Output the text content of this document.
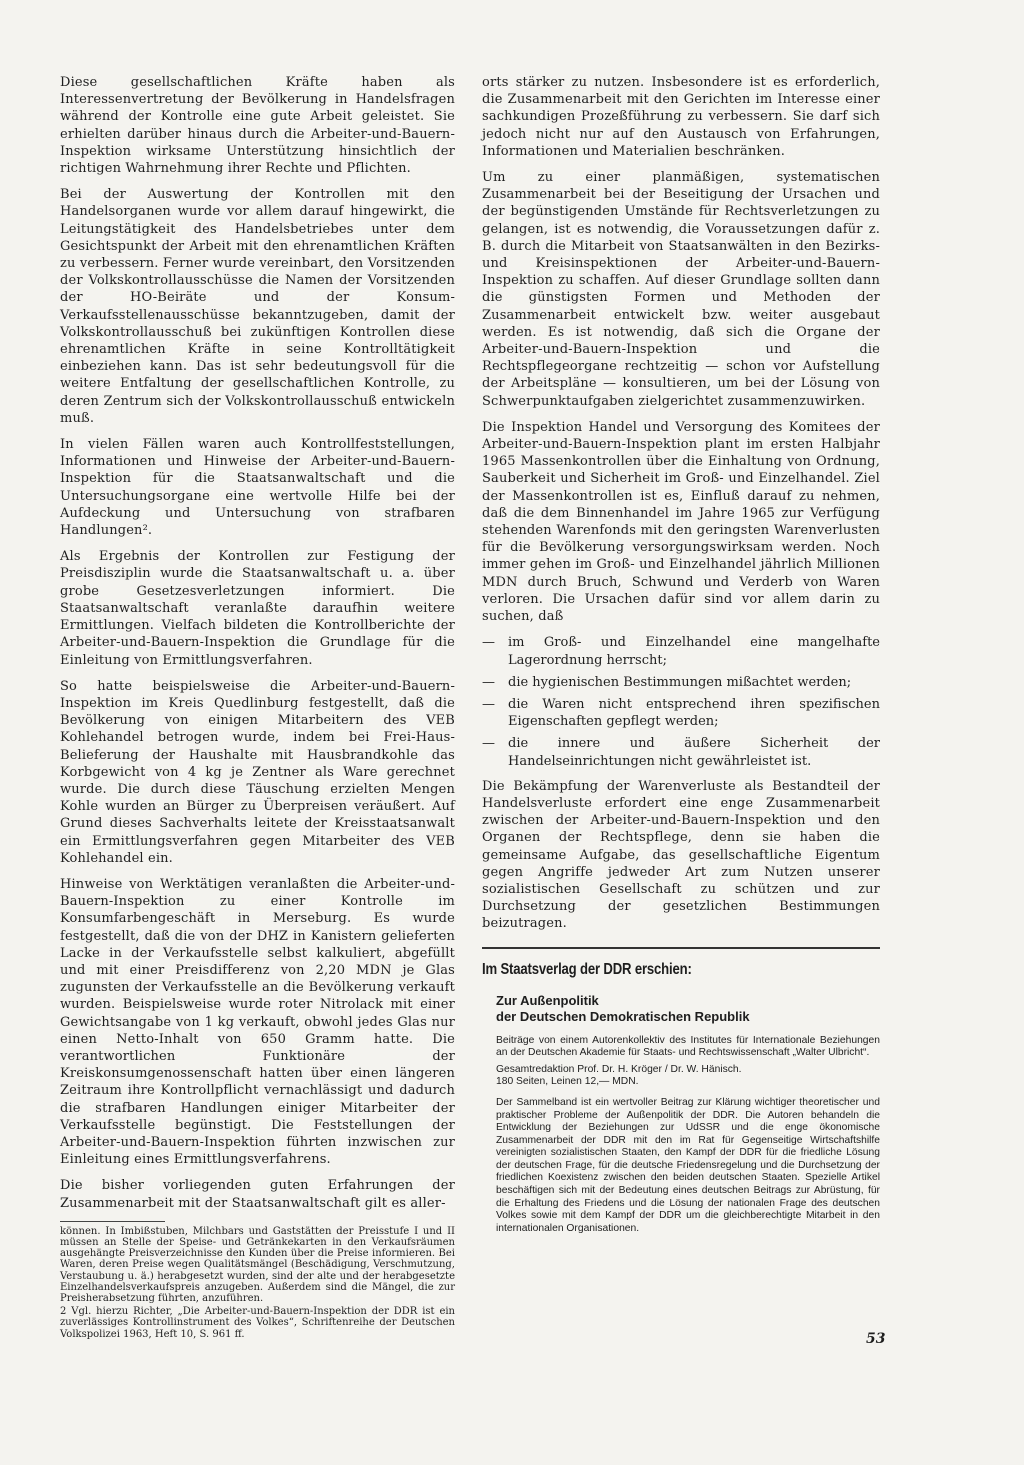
Diese gesellschaftlichen Kräfte haben als Interessenvertretung der Bevölkerung in Handelsfragen während der Kontrolle eine gute Arbeit geleistet. Sie erhielten darüber hinaus durch die Arbeiter-und-Bauern-Inspektion wirksame Unterstützung hinsichtlich der richtigen Wahrnehmung ihrer Rechte und Pflichten.

Bei der Auswertung der Kontrollen mit den Handelsorganen wurde vor allem darauf hingewirkt, die Leitungstätigkeit des Handelsbetriebes unter dem Gesichtspunkt der Arbeit mit den ehrenamtlichen Kräften zu verbessern. Ferner wurde vereinbart, den Vorsitzenden der Volkskontrollausschüsse die Namen der Vorsitzenden der HO-Beiräte und der Konsum-Verkaufsstellenausschüsse bekanntzugeben, damit der Volkskontrollausschuß bei zukünftigen Kontrollen diese ehrenamtlichen Kräfte in seine Kontrolltätigkeit einbeziehen kann. Das ist sehr bedeutungsvoll für die weitere Entfaltung der gesellschaftlichen Kontrolle, zu deren Zentrum sich der Volkskontrollausschuß entwickeln muß.

In vielen Fällen waren auch Kontrollfeststellungen, Informationen und Hinweise der Arbeiter-und-Bauern-Inspektion für die Staatsanwaltschaft und die Untersuchungsorgane eine wertvolle Hilfe bei der Aufdeckung und Untersuchung von strafbaren Handlungen².

Als Ergebnis der Kontrollen zur Festigung der Preisdisziplin wurde die Staatsanwaltschaft u. a. über grobe Gesetzesverletzungen informiert. Die Staatsanwaltschaft veranlaßte daraufhin weitere Ermittlungen. Vielfach bildeten die Kontrollberichte der Arbeiter-und-Bauern-Inspektion die Grundlage für die Einleitung von Ermittlungsverfahren.

So hatte beispielsweise die Arbeiter-und-Bauern-Inspektion im Kreis Quedlinburg festgestellt, daß die Bevölkerung von einigen Mitarbeitern des VEB Kohlehandel betrogen wurde, indem bei Frei-Haus-Belieferung der Haushalte mit Hausbrandkohle das Korbgewicht von 4 kg je Zentner als Ware gerechnet wurde. Die durch diese Täuschung erzielten Mengen Kohle wurden an Bürger zu Überpreisen veräußert. Auf Grund dieses Sachverhalts leitete der Kreisstaatsanwalt ein Ermittlungsverfahren gegen Mitarbeiter des VEB Kohlehandel ein.

Hinweise von Werktätigen veranlaßten die Arbeiter-und-Bauern-Inspektion zu einer Kontrolle im Konsumfarbengeschäft in Merseburg. Es wurde festgestellt, daß die von der DHZ in Kanistern gelieferten Lacke in der Verkaufsstelle selbst kalkuliert, abgefüllt und mit einer Preisdifferenz von 2,20 MDN je Glas zugunsten der Verkaufsstelle an die Bevölkerung verkauft wurden. Beispielsweise wurde roter Nitrolack mit einer Gewichtsangabe von 1 kg verkauft, obwohl jedes Glas nur einen Netto-Inhalt von 650 Gramm hatte. Die verantwortlichen Funktionäre der Kreiskonsumgenossenschaft hatten über einen längeren Zeitraum ihre Kontrollpflicht vernachlässigt und dadurch die strafbaren Handlungen einiger Mitarbeiter der Verkaufsstelle begünstigt. Die Feststellungen der Arbeiter-und-Bauern-Inspektion führten inzwischen zur Einleitung eines Ermittlungsverfahrens.

Die bisher vorliegenden guten Erfahrungen der Zusammenarbeit mit der Staatsanwaltschaft gilt es aller-

können. In Imbißstuben, Milchbars und Gaststätten der Preisstufe I und II müssen an Stelle der Speise- und Getränkekarten in den Verkaufsräumen ausgehängte Preisverzeichnisse den Kunden über die Preise informieren. Bei Waren, deren Preise wegen Qualitätsmängel (Beschädigung, Verschmutzung, Verstaubung u. ä.) herabgesetzt wurden, sind der alte und der herabgesetzte Einzelhandelsverkaufspreis anzugeben. Außerdem sind die Mängel, die zur Preisherabsetzung führten, anzuführen.

2 Vgl. hierzu Richter, „Die Arbeiter-und-Bauern-Inspektion der DDR ist ein zuverlässiges Kontrollinstrument des Volkes“, Schriftenreihe der Deutschen Volkspolizei 1963, Heft 10, S. 961 ff.

orts stärker zu nutzen. Insbesondere ist es erforderlich, die Zusammenarbeit mit den Gerichten im Interesse einer sachkundigen Prozeßführung zu verbessern. Sie darf sich jedoch nicht nur auf den Austausch von Erfahrungen, Informationen und Materialien beschränken.

Um zu einer planmäßigen, systematischen Zusammenarbeit bei der Beseitigung der Ursachen und der begünstigenden Umstände für Rechtsverletzungen zu gelangen, ist es notwendig, die Voraussetzungen dafür z. B. durch die Mitarbeit von Staatsanwälten in den Bezirks- und Kreisinspektionen der Arbeiter-und-Bauern-Inspektion zu schaffen. Auf dieser Grundlage sollten dann die günstigsten Formen und Methoden der Zusammenarbeit entwickelt bzw. weiter ausgebaut werden. Es ist notwendig, daß sich die Organe der Arbeiter-und-Bauern-Inspektion und die Rechtspflegeorgane rechtzeitig — schon vor Aufstellung der Arbeitspläne — konsultieren, um bei der Lösung von Schwerpunktaufgaben zielgerichtet zusammenzuwirken.

Die Inspektion Handel und Versorgung des Komitees der Arbeiter-und-Bauern-Inspektion plant im ersten Halbjahr 1965 Massenkontrollen über die Einhaltung von Ordnung, Sauberkeit und Sicherheit im Groß- und Einzelhandel. Ziel der Massenkontrollen ist es, Einfluß darauf zu nehmen, daß die dem Binnenhandel im Jahre 1965 zur Verfügung stehenden Warenfonds mit den geringsten Warenverlusten für die Bevölkerung versorgungswirksam werden. Noch immer gehen im Groß- und Einzelhandel jährlich Millionen MDN durch Bruch, Schwund und Verderb von Waren verloren. Die Ursachen dafür sind vor allem darin zu suchen, daß

—	im Groß- und Einzelhandel eine mangelhafte Lagerordnung herrscht;
—	die hygienischen Bestimmungen mißachtet werden;
—	die Waren nicht entsprechend ihren spezifischen Eigenschaften gepflegt werden;
—	die innere und äußere Sicherheit der Handelseinrichtungen nicht gewährleistet ist.

Die Bekämpfung der Warenverluste als Bestandteil der Handelsverluste erfordert eine enge Zusammenarbeit zwischen der Arbeiter-und-Bauern-Inspektion und den Organen der Rechtspflege, denn sie haben die gemeinsame Aufgabe, das gesellschaftliche Eigentum gegen Angriffe jedweder Art zum Nutzen unserer sozialistischen Gesellschaft zu schützen und zur Durchsetzung der gesetzlichen Bestimmungen beizutragen.

Im Staatsverlag der DDR erschien:
Zur Außenpolitik
der Deutschen Demokratischen Republik

Beiträge von einem Autorenkollektiv des Institutes für Internationale Beziehungen an der Deutschen Akademie für Staats- und Rechtswissenschaft „Walter Ulbricht“.

Gesamtredaktion Prof. Dr. H. Kröger / Dr. W. Hänisch.

180 Seiten, Leinen 12,— MDN.

Der Sammelband ist ein wertvoller Beitrag zur Klärung wichtiger theoretischer und praktischer Probleme der Außenpolitik der DDR. Die Autoren behandeln die Entwicklung der Beziehungen zur UdSSR und die enge ökonomische Zusammenarbeit der DDR mit den im Rat für Gegenseitige Wirtschaftshilfe vereinigten sozialistischen Staaten, den Kampf der DDR für die friedliche Lösung der deutschen Frage, für die deutsche Friedensregelung und die Durchsetzung der friedlichen Koexistenz zwischen den beiden deutschen Staaten. Spezielle Artikel beschäftigen sich mit der Bedeutung eines deutschen Beitrags zur Abrüstung, für die Erhaltung des Friedens und die Lösung der nationalen Frage des deutschen Volkes sowie mit dem Kampf der DDR um die gleichberechtigte Mitarbeit in den internationalen Organisationen.

53
